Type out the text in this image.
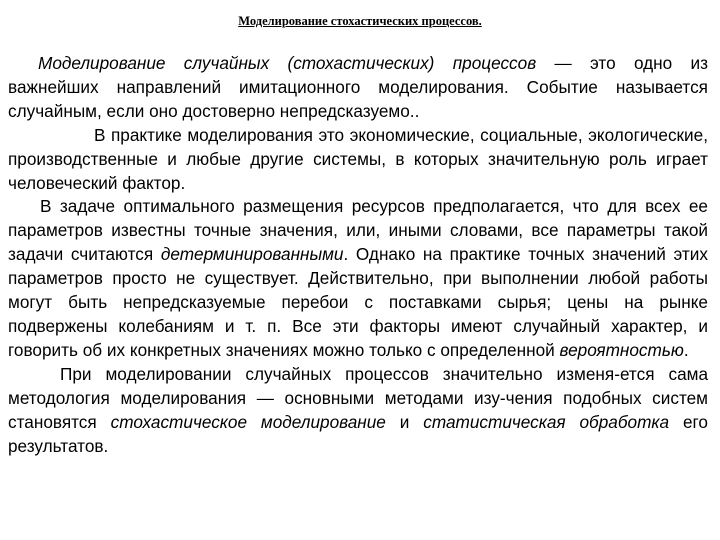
Моделирование стохастических процессов.

Моделирование случайных (стохастических) процессов — это одно из важнейших направлений имитационного моделирования. Событие называется случайным, если оно достоверно непредсказуемо..

В практике моделирования это экономические, социальные, экологические, производственные и любые другие системы, в которых значительную роль играет человеческий фактор.

В задаче оптимального размещения ресурсов предполагается, что для всех ее параметров известны точные значения, или, иными словами, все параметры такой задачи считаются детерминированными. Однако на практике точных значений этих параметров просто не существует. Действительно, при выполнении любой работы могут быть непредсказуемые перебои с поставками сырья; цены на рынке подвержены колебаниям и т. п. Все эти факторы имеют случайный характер, и говорить об их конкретных значениях можно только с определенной вероятностью.

При моделировании случайных процессов значительно изменя-ется сама методология моделирования — основными методами изу-чения подобных систем становятся стохастическое моделирование и статистическая обработка его результатов.
